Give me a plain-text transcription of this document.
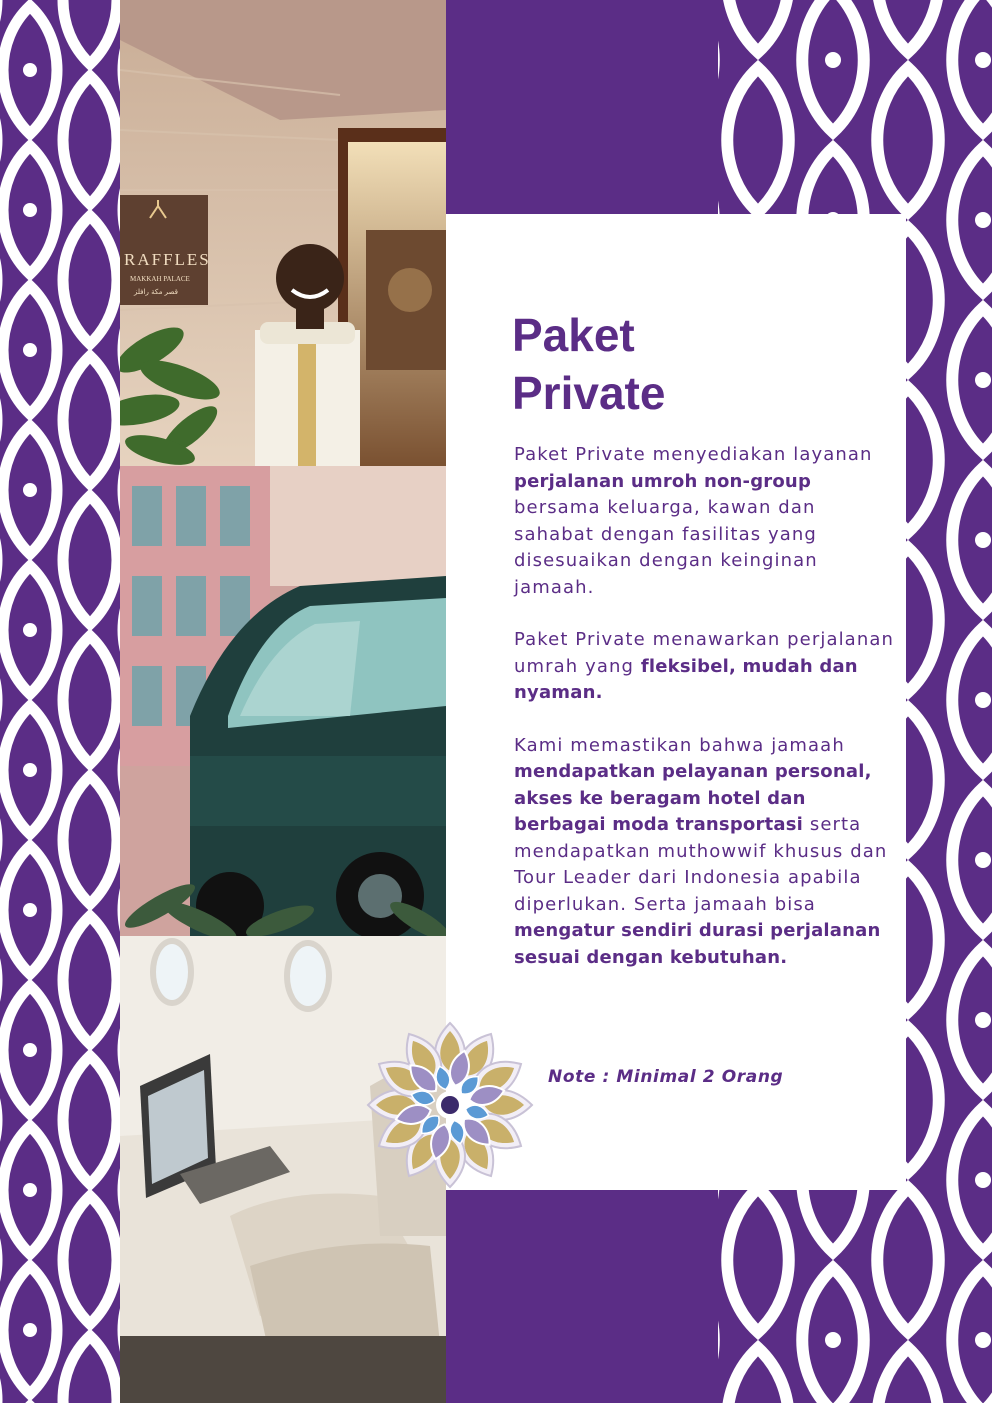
RAFFLES
MAKKAH PALACE
قصر مكة رافلز
Paket
Private

Paket Private menyediakan layanan perjalanan umroh non-group bersama keluarga, kawan dan sahabat dengan fasilitas yang disesuaikan dengan keinginan jamaah.

Paket Private menawarkan perjalanan umrah yang fleksibel, mudah dan nyaman.

Kami memastikan bahwa jamaah mendapatkan pelayanan personal, akses ke beragam hotel dan berbagai moda transportasi serta mendapatkan muthowwif khusus dan Tour Leader dari Indonesia apabila diperlukan. Serta jamaah bisa mengatur sendiri durasi perjalanan sesuai dengan kebutuhan.

Note : Minimal 2 Orang
